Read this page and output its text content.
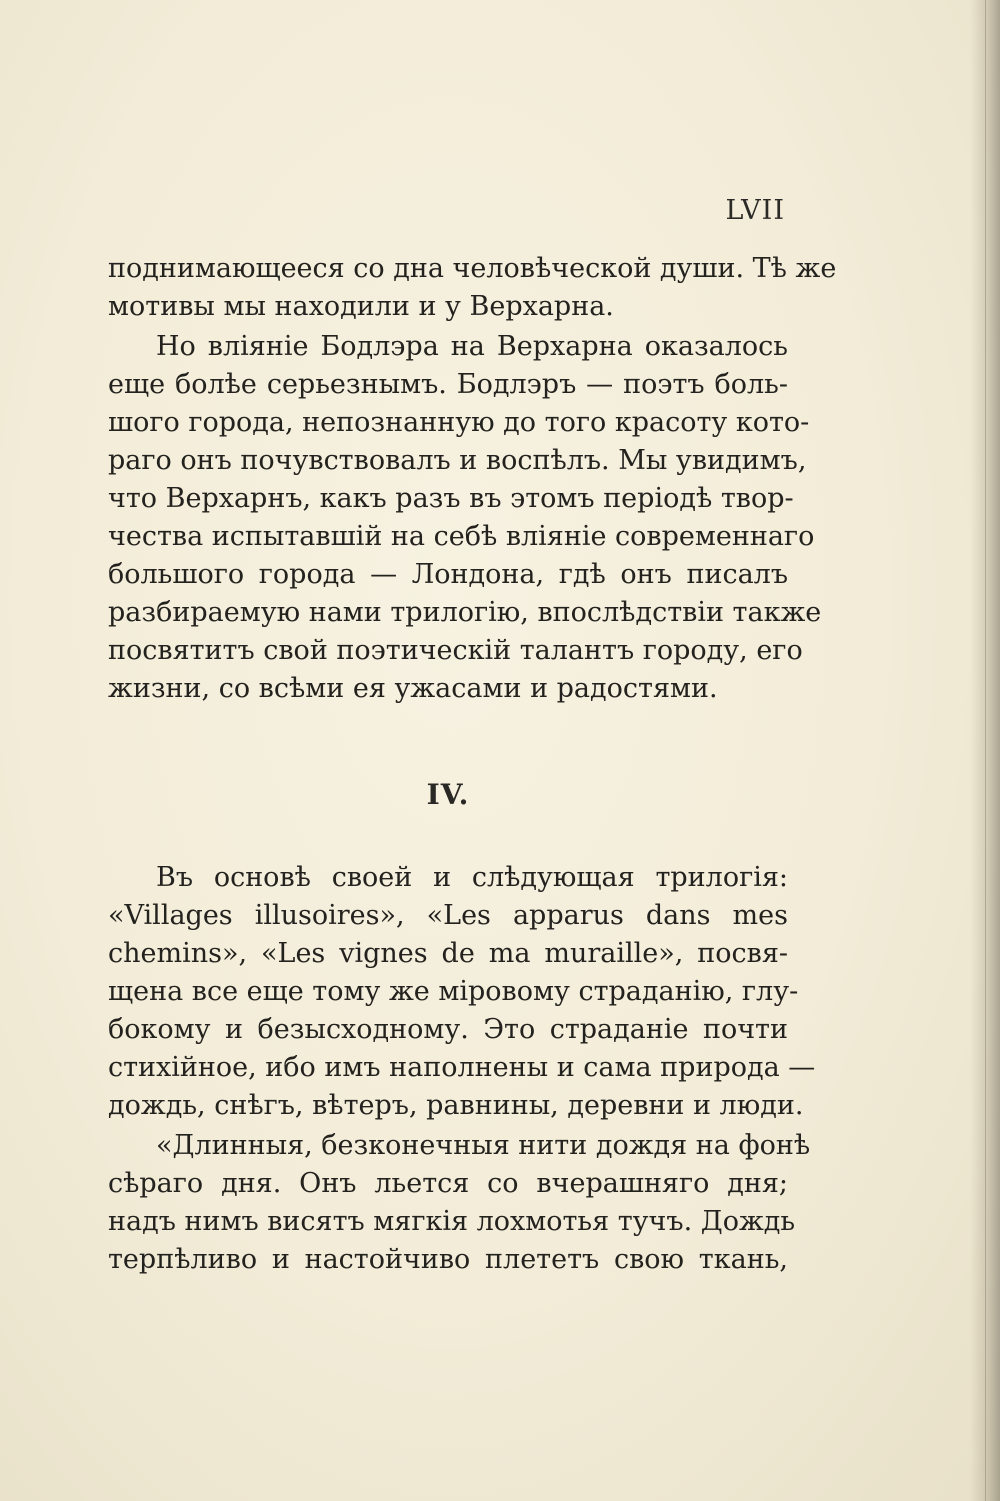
LVII

поднимающееся со дна человѣческой души. Тѣ же
мотивы мы находили и у Верхарна.

Но вліяніе Бодлэра на Верхарна оказалось
еще болѣе серьезнымъ. Бодлэръ — поэтъ боль-
шого города, непознанную до того красоту кото-
раго онъ почувствовалъ и воспѣлъ. Мы увидимъ,
что Верхарнъ, какъ разъ въ этомъ періодѣ твор-
чества испытавшій на себѣ вліяніе современнаго
большого города — Лондона, гдѣ онъ писалъ
разбираемую нами трилогію, впослѣдствіи также
посвятитъ свой поэтическій талантъ городу, его
жизни, со всѣми ея ужасами и радостями.

IV.

Въ основѣ своей и слѣдующая трилогія:
«Villages illusoires», «Les apparus dans mes
chemins», «Les vignes de ma muraille», посвя-
щена все еще тому же міровому страданію, глу-
бокому и безысходному. Это страданіе почти
стихійное, ибо имъ наполнены и сама природа —
дождь, снѣгъ, вѣтеръ, равнины, деревни и люди.

«Длинныя, безконечныя нити дождя на фонѣ
сѣраго дня. Онъ льется со вчерашняго дня;
надъ нимъ висятъ мягкія лохмотья тучъ. Дождь
терпѣливо и настойчиво плететъ свою ткань,
